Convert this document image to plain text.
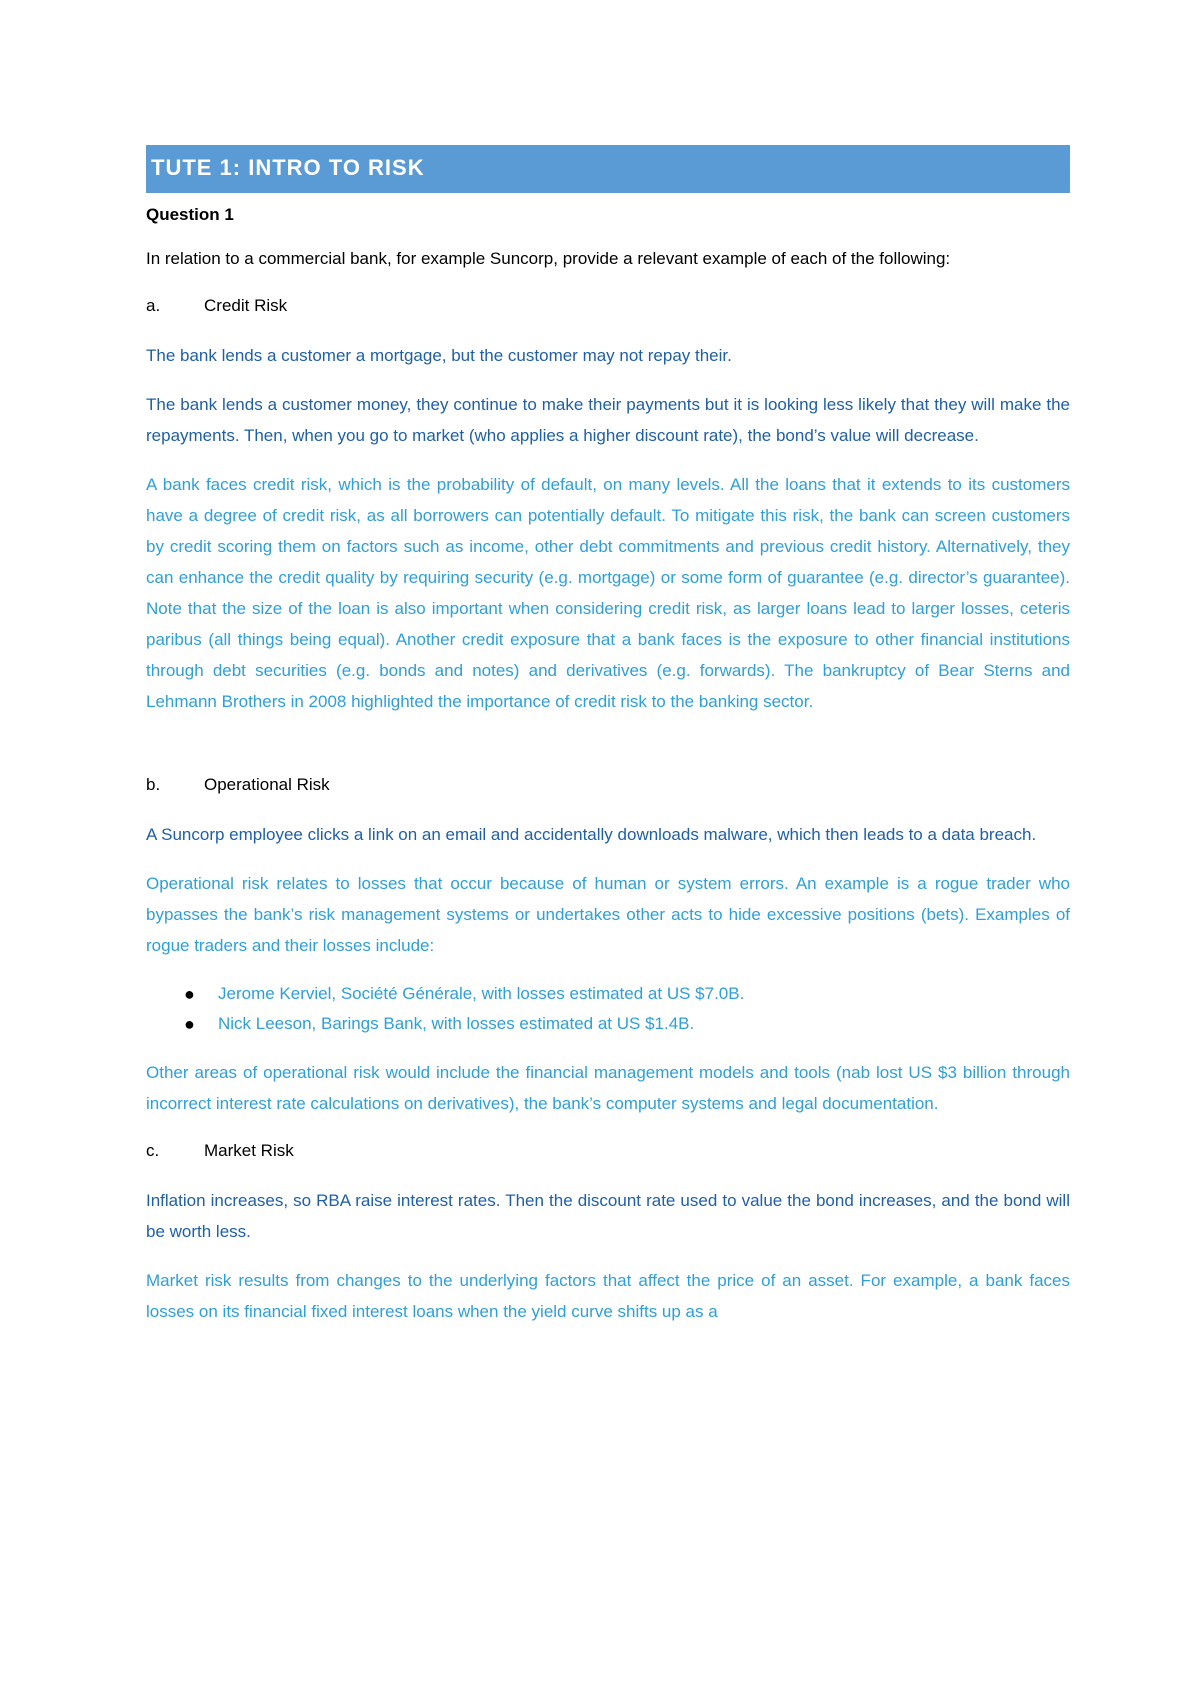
TUTE 1: INTRO TO RISK
Question 1

In relation to a commercial bank, for example Suncorp, provide a relevant example of each of the following:

a.	Credit Risk

The bank lends a customer a mortgage, but the customer may not repay their.

The bank lends a customer money, they continue to make their payments but it is looking less likely that they will make the repayments. Then, when you go to market (who applies a higher discount rate), the bond’s value will decrease.

A bank faces credit risk, which is the probability of default, on many levels. All the loans that it extends to its customers have a degree of credit risk, as all borrowers can potentially default. To mitigate this risk, the bank can screen customers by credit scoring them on factors such as income, other debt commitments and previous credit history. Alternatively, they can enhance the credit quality by requiring security (e.g. mortgage) or some form of guarantee (e.g. director’s guarantee). Note that the size of the loan is also important when considering credit risk, as larger loans lead to larger losses, ceteris paribus (all things being equal). Another credit exposure that a bank faces is the exposure to other financial institutions through debt securities (e.g. bonds and notes) and derivatives (e.g. forwards). The bankruptcy of Bear Sterns and Lehmann Brothers in 2008 highlighted the importance of credit risk to the banking sector.

b.	Operational Risk

A Suncorp employee clicks a link on an email and accidentally downloads malware, which then leads to a data breach.

Operational risk relates to losses that occur because of human or system errors. An example is a rogue trader who bypasses the bank’s risk management systems or undertakes other acts to hide excessive positions (bets). Examples of rogue traders and their losses include:

● Jerome Kerviel, Société Générale, with losses estimated at US $7.0B.
● Nick Leeson, Barings Bank, with losses estimated at US $1.4B.

Other areas of operational risk would include the financial management models and tools (nab lost US $3 billion through incorrect interest rate calculations on derivatives), the bank’s computer systems and legal documentation.

c.	Market Risk

Inflation increases, so RBA raise interest rates. Then the discount rate used to value the bond increases, and the bond will be worth less.

Market risk results from changes to the underlying factors that affect the price of an asset. For example, a bank faces losses on its financial fixed interest loans when the yield curve shifts up as a
